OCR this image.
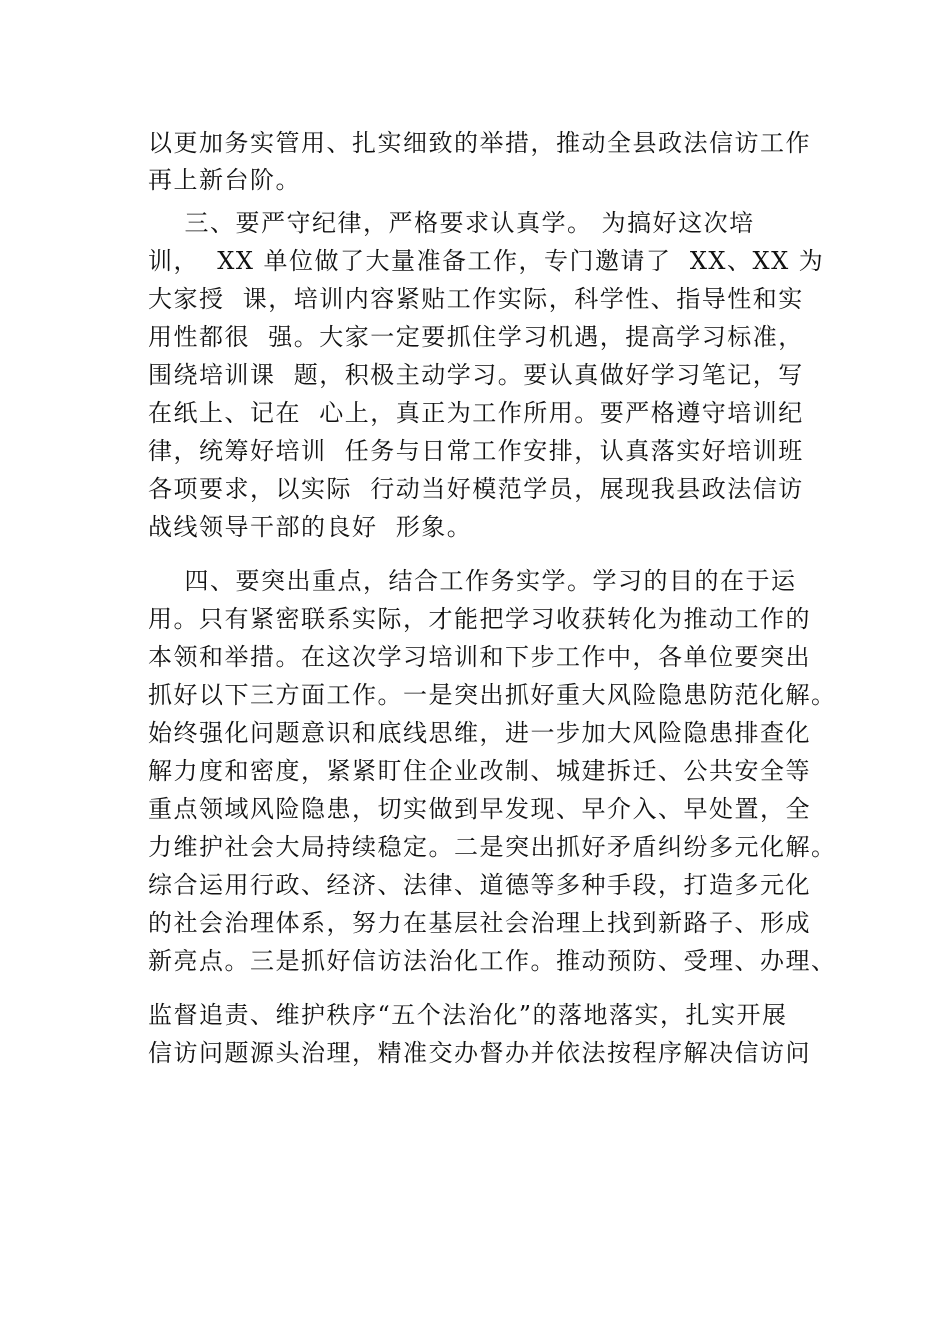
以更加务实管用、扎实细致的举措，推动全县政法信访工作
再上新台阶。
三、要严守纪律，严格要求认真学。 为搞好这次培
训，  XX 单位做了大量准备工作，专门邀请了  XX、XX 为
大家授  课，培训内容紧贴工作实际，科学性、指导性和实
用性都很  强。大家一定要抓住学习机遇，提高学习标准，
围绕培训课  题，积极主动学习。要认真做好学习笔记，写
在纸上、记在  心上，真正为工作所用。要严格遵守培训纪
律，统筹好培训  任务与日常工作安排，认真落实好培训班
各项要求，以实际  行动当好模范学员，展现我县政法信访
战线领导干部的良好  形象。
四、要突出重点，结合工作务实学。学习的目的在于运
用。只有紧密联系实际，才能把学习收获转化为推动工作的
本领和举措。在这次学习培训和下步工作中，各单位要突出
抓好以下三方面工作。一是突出抓好重大风险隐患防范化解。
始终强化问题意识和底线思维，进一步加大风险隐患排查化
解力度和密度，紧紧盯住企业改制、城建拆迁、公共安全等
重点领域风险隐患，切实做到早发现、早介入、早处置，全
力维护社会大局持续稳定。二是突出抓好矛盾纠纷多元化解。
综合运用行政、经济、法律、道德等多种手段，打造多元化
的社会治理体系，努力在基层社会治理上找到新路子、形成
新亮点。三是抓好信访法治化工作。推动预防、受理、办理、
监督追责、维护秩序“五个法治化”的落地落实，扎实开展
信访问题源头治理，精准交办督办并依法按程序解决信访问
